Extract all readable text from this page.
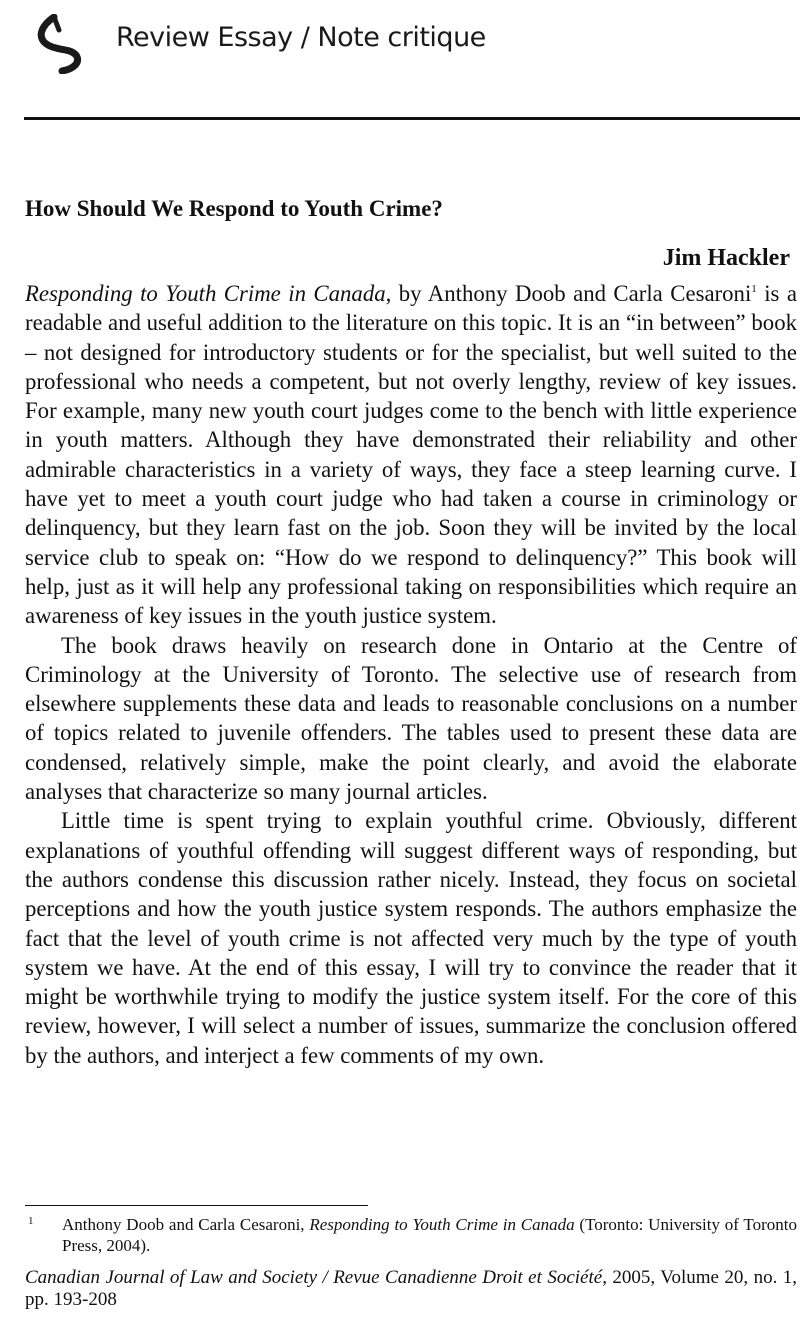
Review Essay / Note critique
How Should We Respond to Youth Crime?
Jim Hackler

Responding to Youth Crime in Canada, by Anthony Doob and Carla Cesaroni$^1$ is a readable and useful addition to the literature on this topic. It is an “in between” book – not designed for introductory students or for the specialist, but well suited to the professional who needs a competent, but not overly lengthy, review of key issues. For example, many new youth court judges come to the bench with little experience in youth matters. Although they have demonstrated their reliability and other admirable characteristics in a variety of ways, they face a steep learning curve. I have yet to meet a youth court judge who had taken a course in criminology or delinquency, but they learn fast on the job. Soon they will be invited by the local service club to speak on: “How do we respond to delinquency?” This book will help, just as it will help any professional taking on responsibilities which require an awareness of key issues in the youth justice system.

The book draws heavily on research done in Ontario at the Centre of Criminology at the University of Toronto. The selective use of research from elsewhere supplements these data and leads to reasonable conclusions on a number of topics related to juvenile offenders. The tables used to present these data are condensed, relatively simple, make the point clearly, and avoid the elaborate analyses that characterize so many journal articles.

Little time is spent trying to explain youthful crime. Obviously, different explanations of youthful offending will suggest different ways of responding, but the authors condense this discussion rather nicely. Instead, they focus on societal perceptions and how the youth justice system responds. The authors emphasize the fact that the level of youth crime is not affected very much by the type of youth system we have. At the end of this essay, I will try to convince the reader that it might be worthwhile trying to modify the justice system itself. For the core of this review, however, I will select a number of issues, summarize the conclusion offered by the authors, and interject a few comments of my own.

1 Anthony Doob and Carla Cesaroni, Responding to Youth Crime in Canada (Toronto: University of Toronto Press, 2004).
Canadian Journal of Law and Society / Revue Canadienne Droit et Société, 2005, Volume 20, no. 1, pp. 193-208
